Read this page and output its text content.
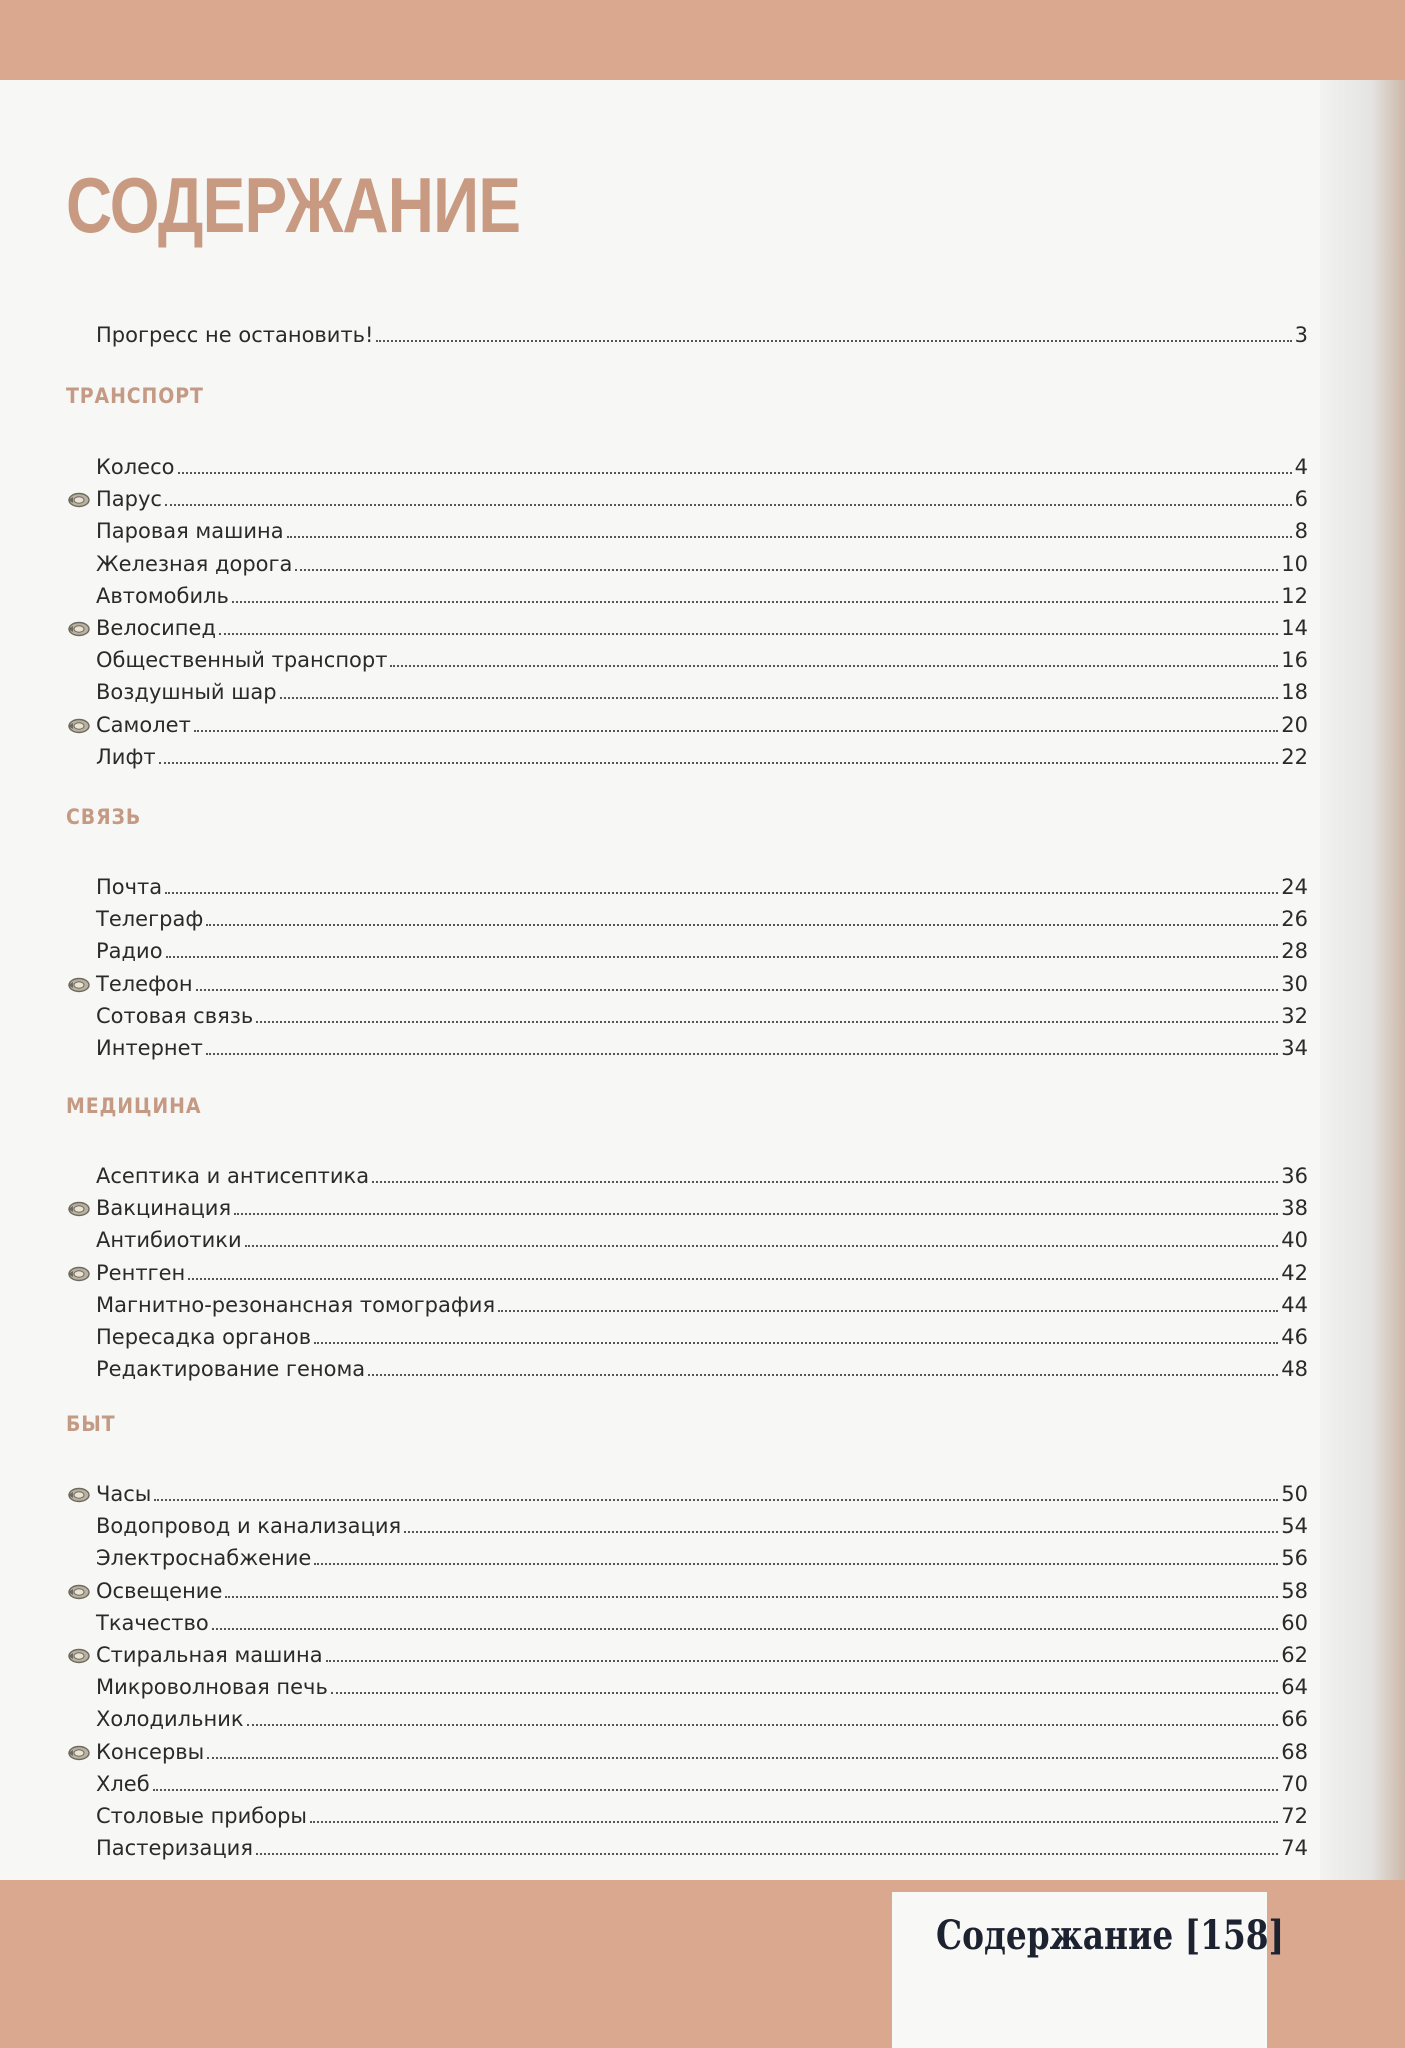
СОДЕРЖАНИЕ
Прогресс не остановить!	3
ТРАНСПОРТ
Колесо	4
Парус	6
Паровая машина	8
Железная дорога	10
Автомобиль	12
Велосипед	14
Общественный транспорт	16
Воздушный шар	18
Самолет	20
Лифт	22
СВЯЗЬ
Почта	24
Телеграф	26
Радио	28
Телефон	30
Сотовая связь	32
Интернет	34
МЕДИЦИНА
Асептика и антисептика	36
Вакцинация	38
Антибиотики	40
Рентген	42
Магнитно-резонансная томография	44
Пересадка органов	46
Редактирование генома	48
БЫТ
Часы	50
Водопровод и канализация	54
Электроснабжение	56
Освещение	58
Ткачество	60
Стиральная машина	62
Микроволновая печь	64
Холодильник	66
Консервы	68
Хлеб	70
Столовые приборы	72
Пастеризация	74
Содержание [158]
